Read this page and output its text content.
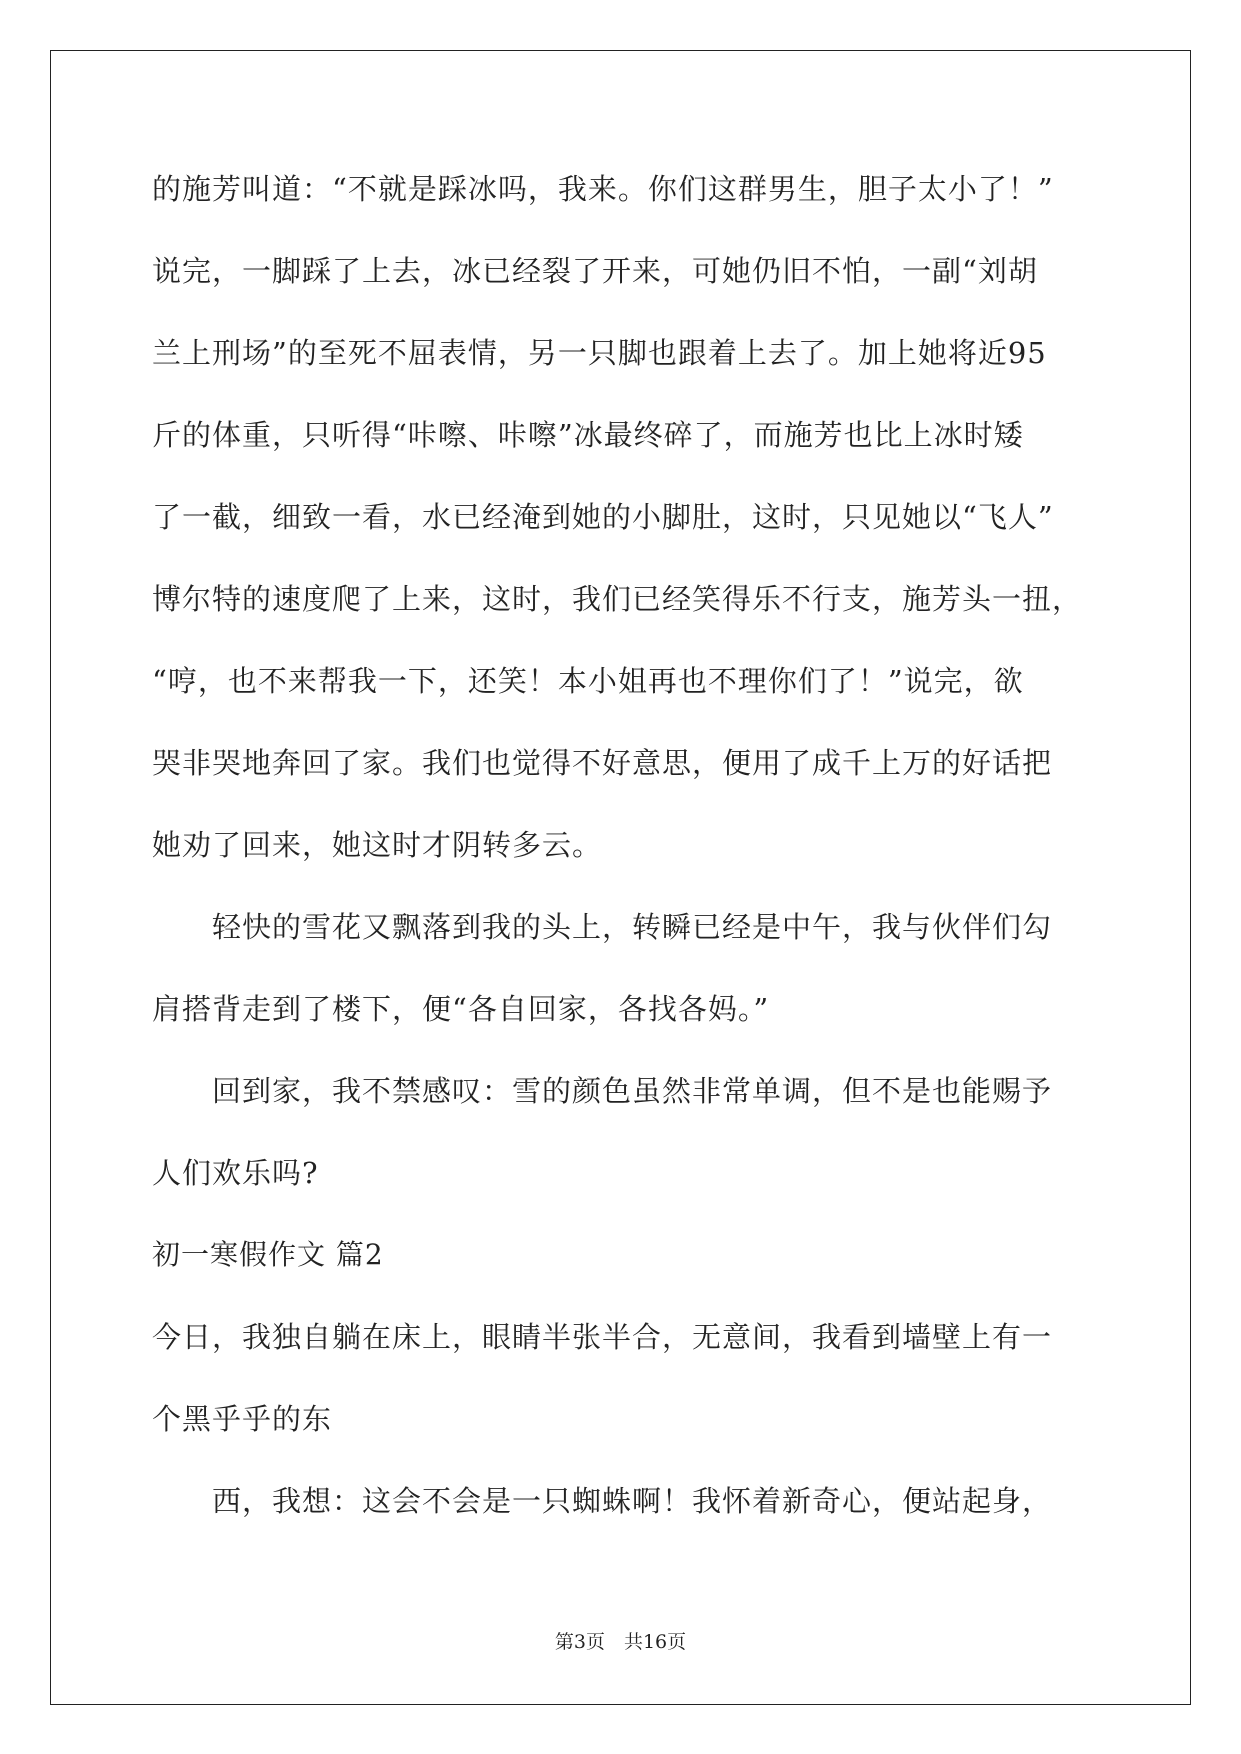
的施芳叫道：“不就是踩冰吗，我来。你们这群男生，胆子太小了！”
说完，一脚踩了上去，冰已经裂了开来，可她仍旧不怕，一副“刘胡
兰上刑场”的至死不屈表情，另一只脚也跟着上去了。加上她将近95
斤的体重，只听得“咔嚓、咔嚓”冰最终碎了，而施芳也比上冰时矮
了一截，细致一看，水已经淹到她的小脚肚，这时，只见她以“飞人”
博尔特的速度爬了上来，这时，我们已经笑得乐不行支，施芳头一扭，
“哼，也不来帮我一下，还笑！本小姐再也不理你们了！”说完，欲
哭非哭地奔回了家。我们也觉得不好意思，便用了成千上万的好话把
她劝了回来，她这时才阴转多云。
　　轻快的雪花又飘落到我的头上，转瞬已经是中午，我与伙伴们勾
肩搭背走到了楼下，便“各自回家，各找各妈。”
　　回到家，我不禁感叹：雪的颜色虽然非常单调，但不是也能赐予
人们欢乐吗?
初一寒假作文 篇2
今日，我独自躺在床上，眼睛半张半合，无意间，我看到墙壁上有一
个黑乎乎的东
　　西，我想：这会不会是一只蜘蛛啊！我怀着新奇心，便站起身，
第3页　共16页
